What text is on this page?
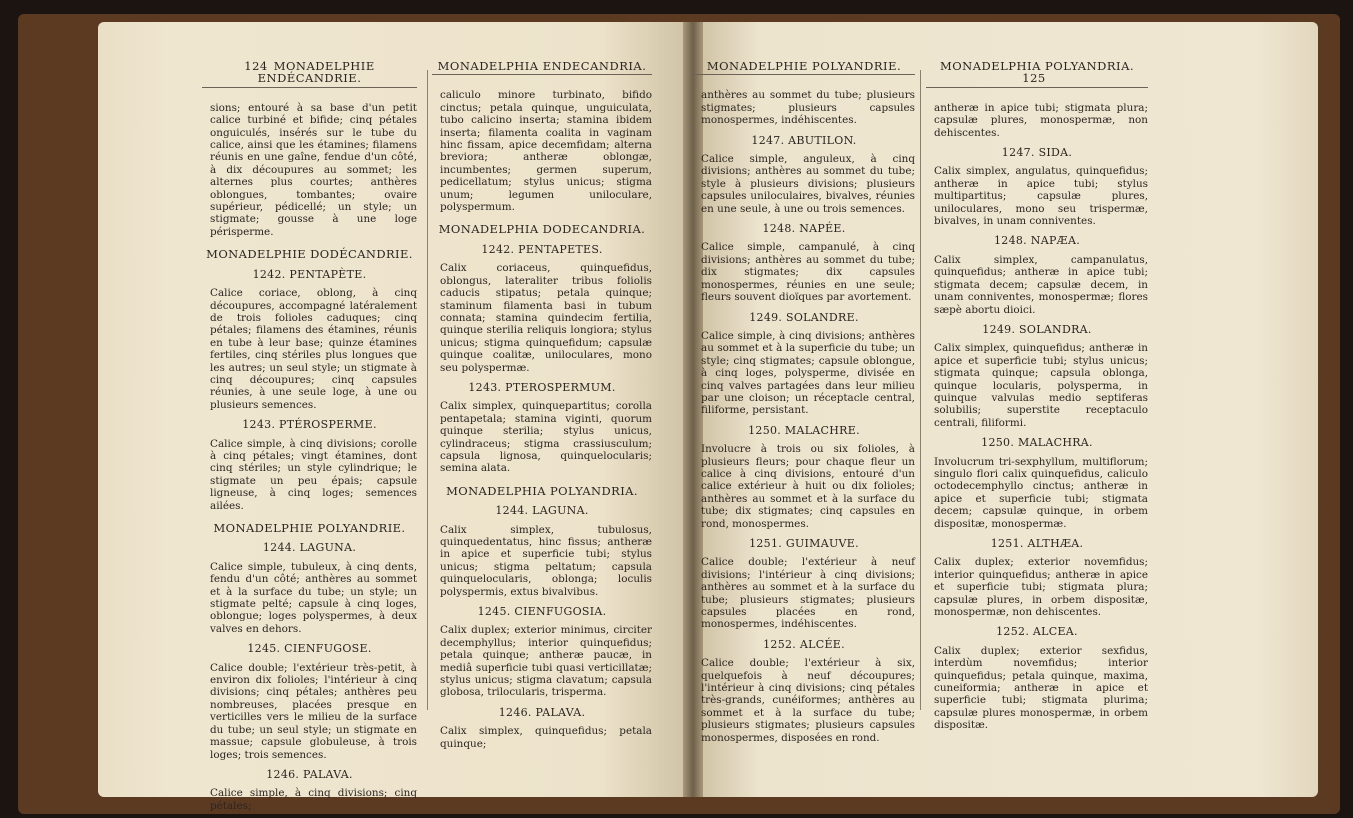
124 MONADELPHIE ENDÉCANDRIE.
sions; entouré à sa base d'un petit calice turbiné et bifide; cinq pétales onguiculés, insérés sur le tube du calice, ainsi que les étamines; filamens réunis en une gaîne, fendue d'un côté, à dix découpures au sommet; les alternes plus courtes; anthères oblongues, tombantes; ovaire supérieur, pédicellé; un style; un stigmate; gousse à une loge périsperme.
MONADELPHIE DODÉCANDRIE.
1242. PENTAPÈTE.
Calice coriace, oblong, à cinq découpures, accompagné latéralement de trois folioles caduques; cinq pétales; filamens des étamines, réunis en tube à leur base; quinze étamines fertiles, cinq stériles plus longues que les autres; un seul style; un stigmate à cinq découpures; cinq capsules réunies, à une seule loge, à une ou plusieurs semences.
1243. PTÉROSPERME.
Calice simple, à cinq divisions; corolle à cinq pétales; vingt étamines, dont cinq stériles; un style cylindrique; le stigmate un peu épais; capsule ligneuse, à cinq loges; semences ailées.
MONADELPHIE POLYANDRIE.
1244. LAGUNA.
Calice simple, tubuleux, à cinq dents, fendu d'un côté; anthères au sommet et à la surface du tube; un style; un stigmate pelté; capsule à cinq loges, oblongue; loges polyspermes, à deux valves en dehors.
1245. CIENFUGOSE.
Calice double; l'extérieur très-petit, à environ dix folioles; l'intérieur à cinq divisions; cinq pétales; anthères peu nombreuses, placées presque en verticilles vers le milieu de la surface du tube; un seul style; un stigmate en massue; capsule globuleuse, à trois loges; trois semences.
1246. PALAVA.
Calice simple, à cinq divisions; cinq pétales;
MONADELPHIA ENDECANDRIA.
caliculo minore turbinato, bifido cinctus; petala quinque, unguiculata, tubo calicino inserta; stamina ibidem inserta; filamenta coalita in vaginam hinc fissam, apice decemfidam; alterna breviora; antheræ oblongæ, incumbentes; germen superum, pedicellatum; stylus unicus; stigma unum; legumen uniloculare, polyspermum.
MONADELPHIA DODECANDRIA.
1242. PENTAPETES.
Calix coriaceus, quinquefidus, oblongus, lateraliter tribus foliolis caducis stipatus; petala quinque; staminum filamenta basi in tubum connata; stamina quindecim fertilia, quinque sterilia reliquis longiora; stylus unicus; stigma quinquefidum; capsulæ quinque coalitæ, uniloculares, mono seu polyspermæ.
1243. PTEROSPERMUM.
Calix simplex, quinquepartitus; corolla pentapetala; stamina viginti, quorum quinque sterilia; stylus unicus, cylindraceus; stigma crassiusculum; capsula lignosa, quinquelocularis; semina alata.
MONADELPHIA POLYANDRIA.
1244. LAGUNA.
Calix simplex, tubulosus, quinquedentatus, hinc fissus; antheræ in apice et superficie tubi; stylus unicus; stigma peltatum; capsula quinquelocularis, oblonga; loculis polyspermis, extus bivalvibus.
1245. CIENFUGOSIA.
Calix duplex; exterior minimus, circiter decemphyllus; interior quinquefidus; petala quinque; antheræ paucæ, in mediâ superficie tubi quasi verticillatæ; stylus unicus; stigma clavatum; capsula globosa, trilocularis, trisperma.
1246. PALAVA.
Calix simplex, quinquefidus; petala quinque;
MONADELPHIE POLYANDRIE.
anthères au sommet du tube; plusieurs stigmates; plusieurs capsules monospermes, indéhiscentes.
1247. ABUTILON.
Calice simple, anguleux, à cinq divisions; anthères au sommet du tube; style à plusieurs divisions; plusieurs capsules uniloculaires, bivalves, réunies en une seule, à une ou trois semences.
1248. NAPÉE.
Calice simple, campanulé, à cinq divisions; anthères au sommet du tube; dix stigmates; dix capsules monospermes, réunies en une seule; fleurs souvent dioïques par avortement.
1249. SOLANDRE.
Calice simple, à cinq divisions; anthères au sommet et à la superficie du tube; un style; cinq stigmates; capsule oblongue, à cinq loges, polysperme, divisée en cinq valves partagées dans leur milieu par une cloison; un réceptacle central, filiforme, persistant.
1250. MALACHRE.
Involucre à trois ou six folioles, à plusieurs fleurs; pour chaque fleur un calice à cinq divisions, entouré d'un calice extérieur à huit ou dix folioles; anthères au sommet et à la surface du tube; dix stigmates; cinq capsules en rond, monospermes.
1251. GUIMAUVE.
Calice double; l'extérieur à neuf divisions; l'intérieur à cinq divisions; anthères au sommet et à la surface du tube; plusieurs stigmates; plusieurs capsules placées en rond, monospermes, indéhiscentes.
1252. ALCÉE.
Calice double; l'extérieur à six, quelquefois à neuf découpures; l'intérieur à cinq divisions; cinq pétales très-grands, cunéiformes; anthères au sommet et à la surface du tube; plusieurs stigmates; plusieurs capsules monospermes, disposées en rond.
MONADELPHIA POLYANDRIA. 125
antheræ in apice tubi; stigmata plura; capsulæ plures, monospermæ, non dehiscentes.
1247. SIDA.
Calix simplex, angulatus, quinquefidus; antheræ in apice tubi; stylus multipartitus; capsulæ plures, uniloculares, mono seu trispermæ, bivalves, in unam conniventes.
1248. NAPÆA.
Calix simplex, campanulatus, quinquefidus; antheræ in apice tubi; stigmata decem; capsulæ decem, in unam conniventes, monospermæ; flores sæpè abortu dioici.
1249. SOLANDRA.
Calix simplex, quinquefidus; antheræ in apice et superficie tubi; stylus unicus; stigmata quinque; capsula oblonga, quinque locularis, polysperma, in quinque valvulas medio septiferas solubilis; superstite receptaculo centrali, filiformi.
1250. MALACHRA.
Involucrum tri-sexphyllum, multiflorum; singulo flori calix quinquefidus, caliculo octodecemphyllo cinctus; antheræ in apice et superficie tubi; stigmata decem; capsulæ quinque, in orbem dispositæ, monospermæ.
1251. ALTHÆA.
Calix duplex; exterior novemfidus; interior quinquefidus; antheræ in apice et superficie tubi; stigmata plura; capsulæ plures, in orbem dispositæ, monospermæ, non dehiscentes.
1252. ALCEA.
Calix duplex; exterior sexfidus, interdùm novemfidus; interior quinquefidus; petala quinque, maxima, cuneiformia; antheræ in apice et superficie tubi; stigmata plurima; capsulæ plures monospermæ, in orbem dispositæ.
